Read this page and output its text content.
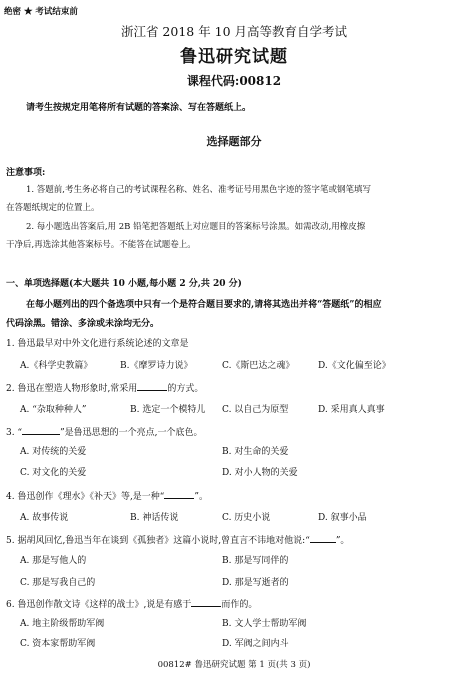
绝密 ★ 考试结束前
浙江省 2018 年 10 月高等教育自学考试
鲁迅研究试题
课程代码:00812
请考生按规定用笔将所有试题的答案涂、写在答题纸上。
选择题部分
注意事项:
1. 答题前,考生务必将自己的考试课程名称、姓名、准考证号用黑色字迹的签字笔或钢笔填写
在答题纸规定的位置上。
2. 每小题选出答案后,用 2B 铅笔把答题纸上对应题目的答案标号涂黑。如需改动,用橡皮擦
干净后,再选涂其他答案标号。不能答在试题卷上。
一、单项选择题(本大题共 10 小题,每小题 2 分,共 20 分)
在每小题列出的四个备选项中只有一个是符合题目要求的,请将其选出并将“答题纸”的相应
代码涂黑。错涂、多涂或未涂均无分。
1. 鲁迅最早对中外文化进行系统论述的文章是
A.《科学史教篇》	B.《摩罗诗力说》	C.《斯巴达之魂》	D.《文化偏至论》
2. 鲁迅在塑造人物形象时,常采用	的方式。
A. “杂取种种人”	B. 选定一个模特儿 C. 以自己为原型	D. 采用真人真事
3. “	”是鲁迅思想的一个亮点,一个底色。
A. 对传统的关爱	B. 对生命的关爱
C. 对文化的关爱	D. 对小人物的关爱
4. 鲁迅创作《理水》《补天》等,是一种“	”。
A. 故事传说	B. 神话传说	C. 历史小说	D. 叙事小品
5. 据胡风回忆,鲁迅当年在谈到《孤独者》这篇小说时,曾直言不讳地对他说:“	”。
A. 那是写他人的	B. 那是写同伴的
C. 那是写我自己的	D. 那是写逝者的
6. 鲁迅创作散文诗《这样的战士》,说是有感于	而作的。
A. 地主阶级帮助军阀	B. 文人学士帮助军阀
C. 资本家帮助军阀	D. 军阀之间内斗
00812# 鲁迅研究试题 第 1 页(共 3 页)
